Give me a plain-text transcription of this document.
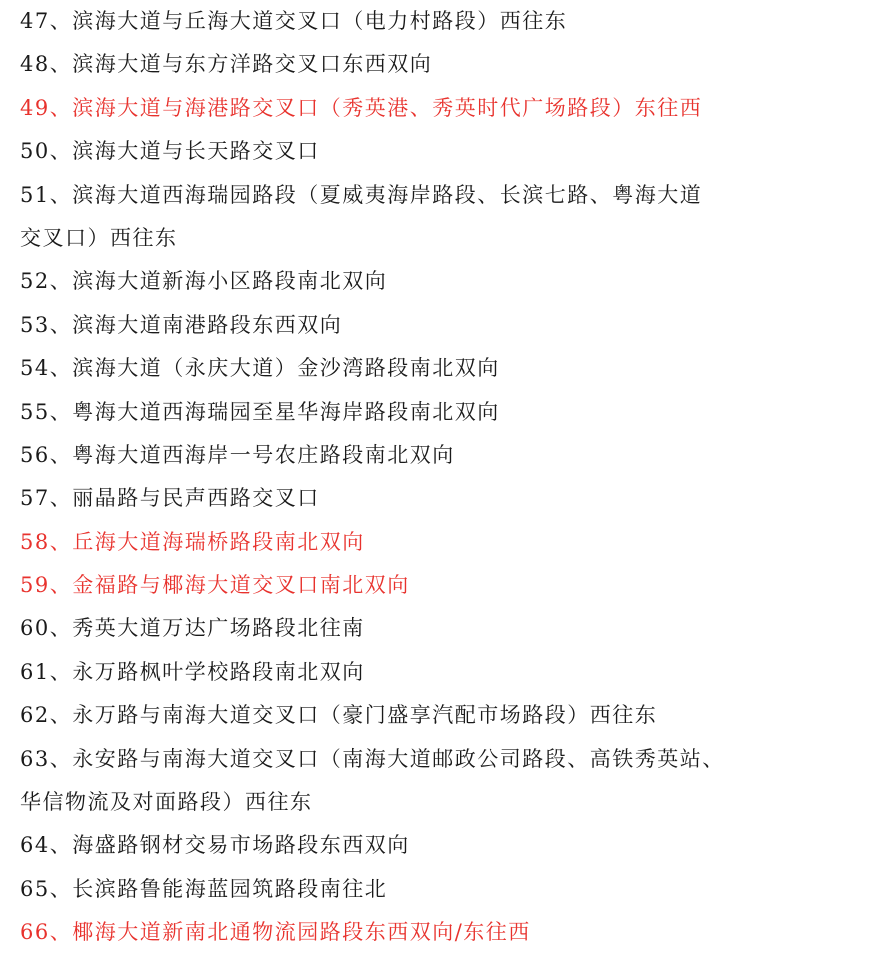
47、滨海大道与丘海大道交叉口（电力村路段）西往东
48、滨海大道与东方洋路交叉口东西双向
49、滨海大道与海港路交叉口（秀英港、秀英时代广场路段）东往西
50、滨海大道与长天路交叉口
51、滨海大道西海瑞园路段（夏威夷海岸路段、长滨七路、粤海大道
交叉口）西往东
52、滨海大道新海小区路段南北双向
53、滨海大道南港路段东西双向
54、滨海大道（永庆大道）金沙湾路段南北双向
55、粤海大道西海瑞园至星华海岸路段南北双向
56、粤海大道西海岸一号农庄路段南北双向
57、丽晶路与民声西路交叉口
58、丘海大道海瑞桥路段南北双向
59、金福路与椰海大道交叉口南北双向
60、秀英大道万达广场路段北往南
61、永万路枫叶学校路段南北双向
62、永万路与南海大道交叉口（豪门盛享汽配市场路段）西往东
63、永安路与南海大道交叉口（南海大道邮政公司路段、高铁秀英站、
华信物流及对面路段）西往东
64、海盛路钢材交易市场路段东西双向
65、长滨路鲁能海蓝园筑路段南往北
66、椰海大道新南北通物流园路段东西双向/东往西
